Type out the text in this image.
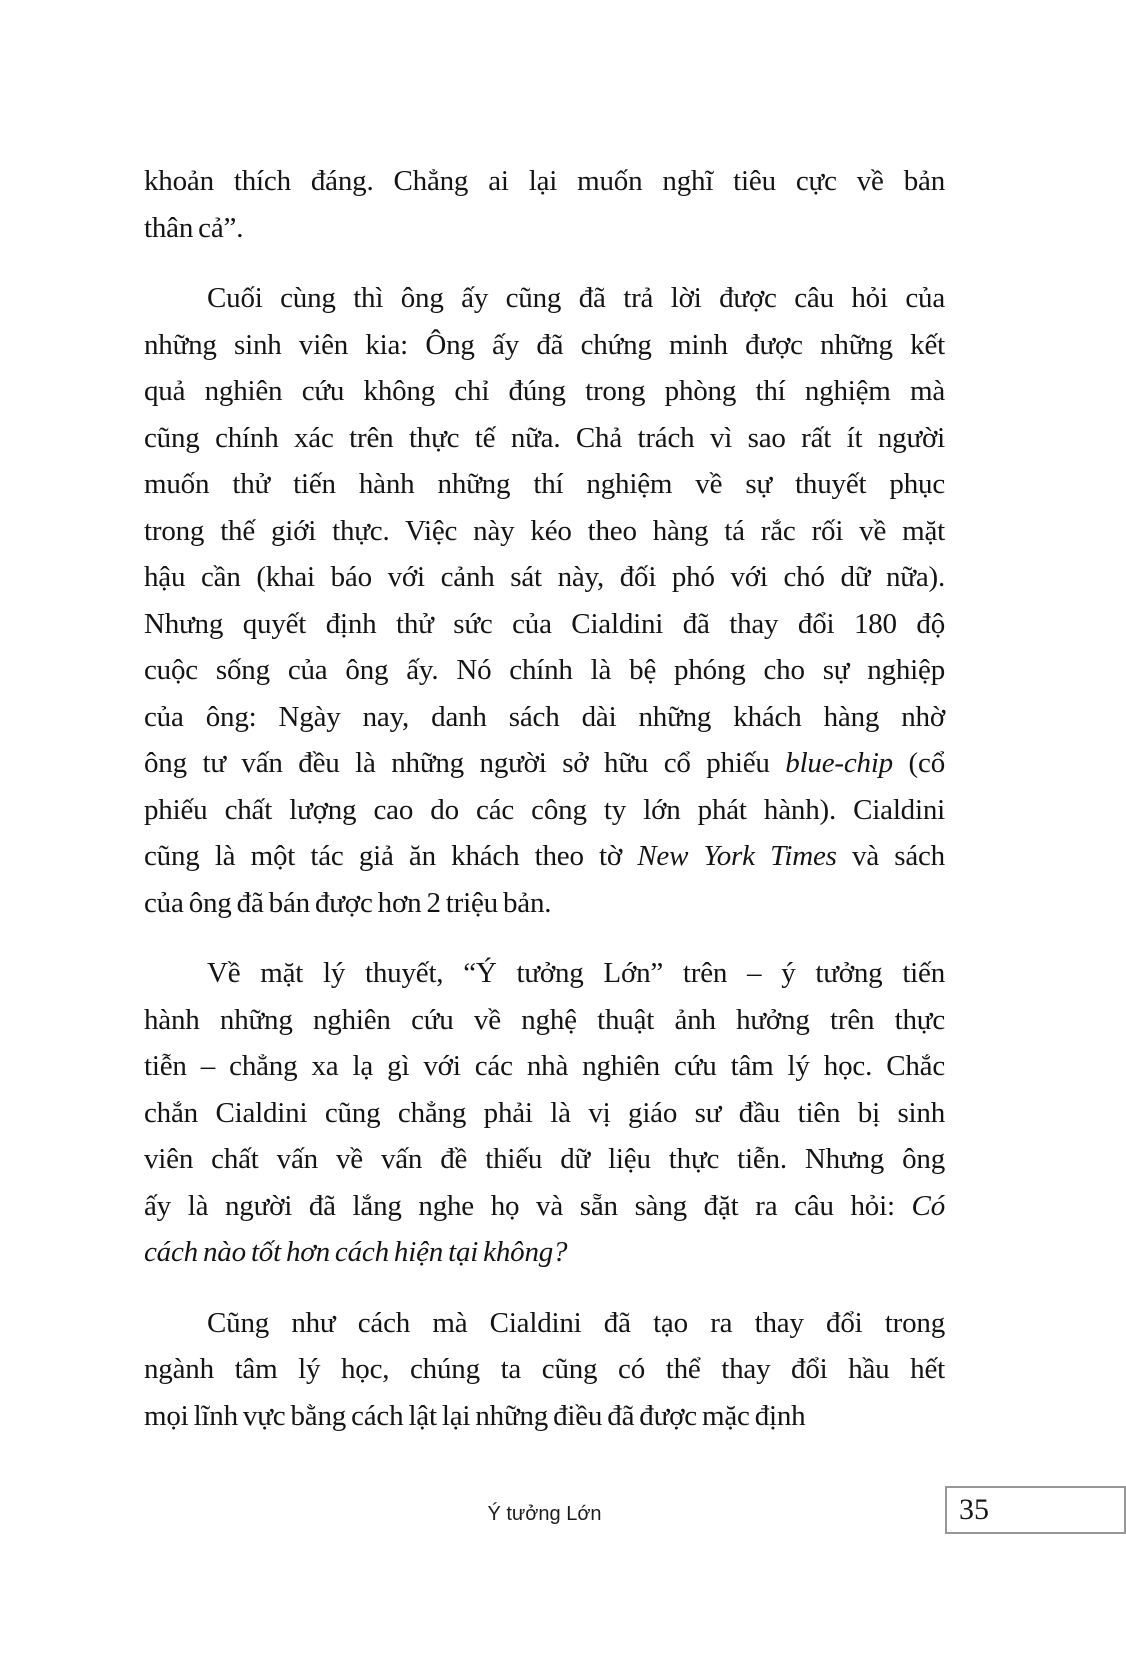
khoản thích đáng. Chẳng ai lại muốn nghĩ tiêu cực về bản
thân cả”.
Cuối cùng thì ông ấy cũng đã trả lời được câu hỏi của
những sinh viên kia: Ông ấy đã chứng minh được những kết
quả nghiên cứu không chỉ đúng trong phòng thí nghiệm mà
cũng chính xác trên thực tế nữa. Chả trách vì sao rất ít người
muốn thử tiến hành những thí nghiệm về sự thuyết phục
trong thế giới thực. Việc này kéo theo hàng tá rắc rối về mặt
hậu cần (khai báo với cảnh sát này, đối phó với chó dữ nữa).
Nhưng quyết định thử sức của Cialdini đã thay đổi 180 độ
cuộc sống của ông ấy. Nó chính là bệ phóng cho sự nghiệp
của ông: Ngày nay, danh sách dài những khách hàng nhờ
ông tư vấn đều là những người sở hữu cổ phiếu blue-chip (cổ
phiếu chất lượng cao do các công ty lớn phát hành). Cialdini
cũng là một tác giả ăn khách theo tờ New York Times và sách
của ông đã bán được hơn 2 triệu bản.
Về mặt lý thuyết, “Ý tưởng Lớn” trên – ý tưởng tiến
hành những nghiên cứu về nghệ thuật ảnh hưởng trên thực
tiễn – chẳng xa lạ gì với các nhà nghiên cứu tâm lý học. Chắc
chắn Cialdini cũng chẳng phải là vị giáo sư đầu tiên bị sinh
viên chất vấn về vấn đề thiếu dữ liệu thực tiễn. Nhưng ông
ấy là người đã lắng nghe họ và sẵn sàng đặt ra câu hỏi: Có
cách nào tốt hơn cách hiện tại không?
Cũng như cách mà Cialdini đã tạo ra thay đổi trong
ngành tâm lý học, chúng ta cũng có thể thay đổi hầu hết
mọi lĩnh vực bằng cách lật lại những điều đã được mặc định
Ý tưởng Lớn	35
